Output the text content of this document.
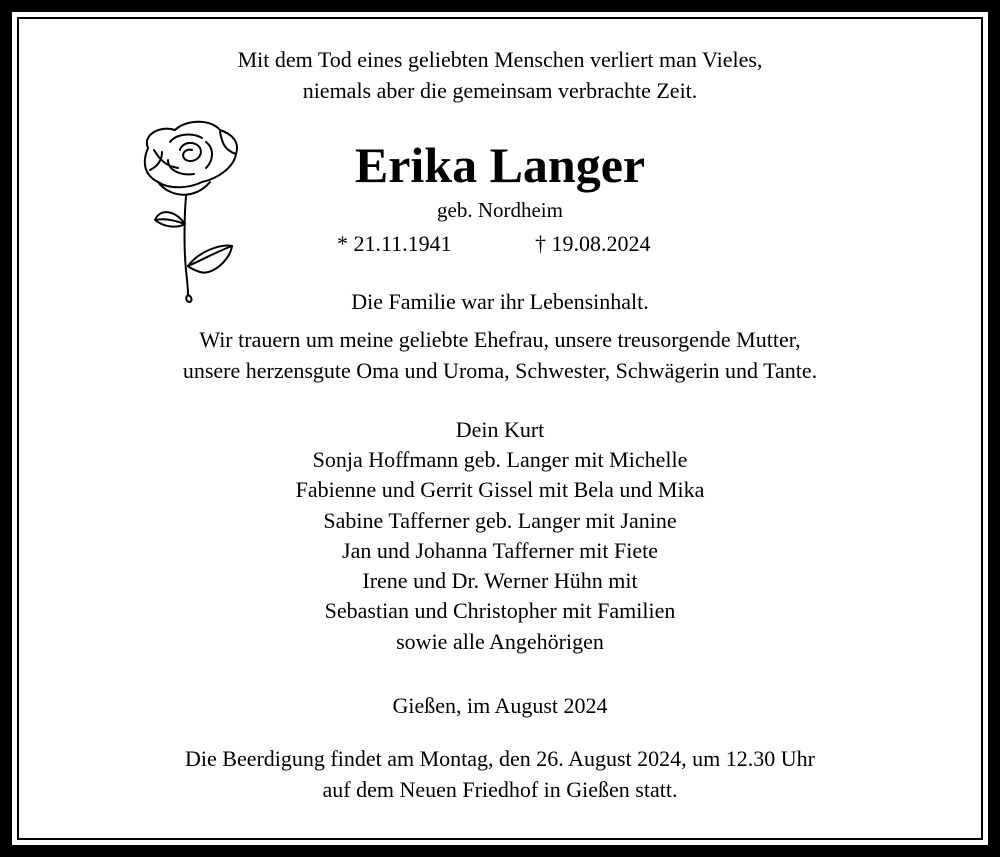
Mit dem Tod eines geliebten Menschen verliert man Vieles,
niemals aber die gemeinsam verbrachte Zeit.
Erika Langer
geb. Nordheim
* 21.11.1941	† 19.08.2024
Die Familie war ihr Lebensinhalt.
Wir trauern um meine geliebte Ehefrau, unsere treusorgende Mutter,
unsere herzensgute Oma und Uroma, Schwester, Schwägerin und Tante.
Dein Kurt
Sonja Hoffmann geb. Langer mit Michelle
Fabienne und Gerrit Gissel mit Bela und Mika
Sabine Tafferner geb. Langer mit Janine
Jan und Johanna Tafferner mit Fiete
Irene und Dr. Werner Hühn mit
Sebastian und Christopher mit Familien
sowie alle Angehörigen
Gießen, im August 2024
Die Beerdigung findet am Montag, den 26. August 2024, um 12.30 Uhr
auf dem Neuen Friedhof in Gießen statt.
